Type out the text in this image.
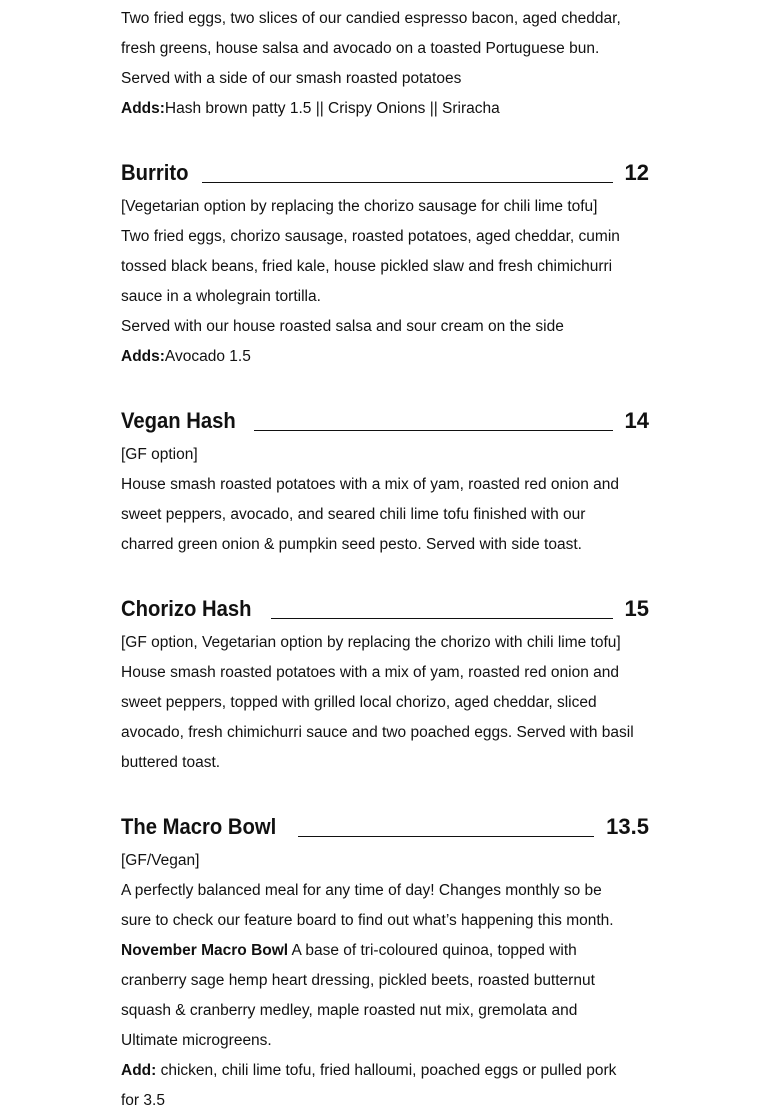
Two fried eggs, two slices of our candied espresso bacon, aged cheddar,

fresh greens, house salsa and avocado on a toasted Portuguese bun.

Served with a side of our smash roasted potatoes

Adds:Hash brown patty 1.5 || Crispy Onions || Sriracha

Burrito	12

[Vegetarian option by replacing the chorizo sausage for chili lime tofu]

Two fried eggs, chorizo sausage, roasted potatoes, aged cheddar, cumin

tossed black beans, fried kale, house pickled slaw and fresh chimichurri

sauce in a wholegrain tortilla.

Served with our house roasted salsa and sour cream on the side

Adds:Avocado 1.5

Vegan Hash	14

[GF option]

House smash roasted potatoes with a mix of yam, roasted red onion and

sweet peppers, avocado, and seared chili lime tofu finished with our

charred green onion & pumpkin seed pesto. Served with side toast.

Chorizo Hash	15

[GF option, Vegetarian option by replacing the chorizo with chili lime tofu]

House smash roasted potatoes with a mix of yam, roasted red onion and

sweet peppers, topped with grilled local chorizo, aged cheddar, sliced

avocado, fresh chimichurri sauce and two poached eggs. Served with basil

buttered toast.

The Macro Bowl	13.5

[GF/Vegan]

A perfectly balanced meal for any time of day! Changes monthly so be

sure to check our feature board to find out what’s happening this month.

November Macro Bowl A base of tri-coloured quinoa, topped with

cranberry sage hemp heart dressing, pickled beets, roasted butternut

squash & cranberry medley, maple roasted nut mix, gremolata and

Ultimate microgreens.

Add: chicken, chili lime tofu, fried halloumi, poached eggs or pulled pork

for 3.5
